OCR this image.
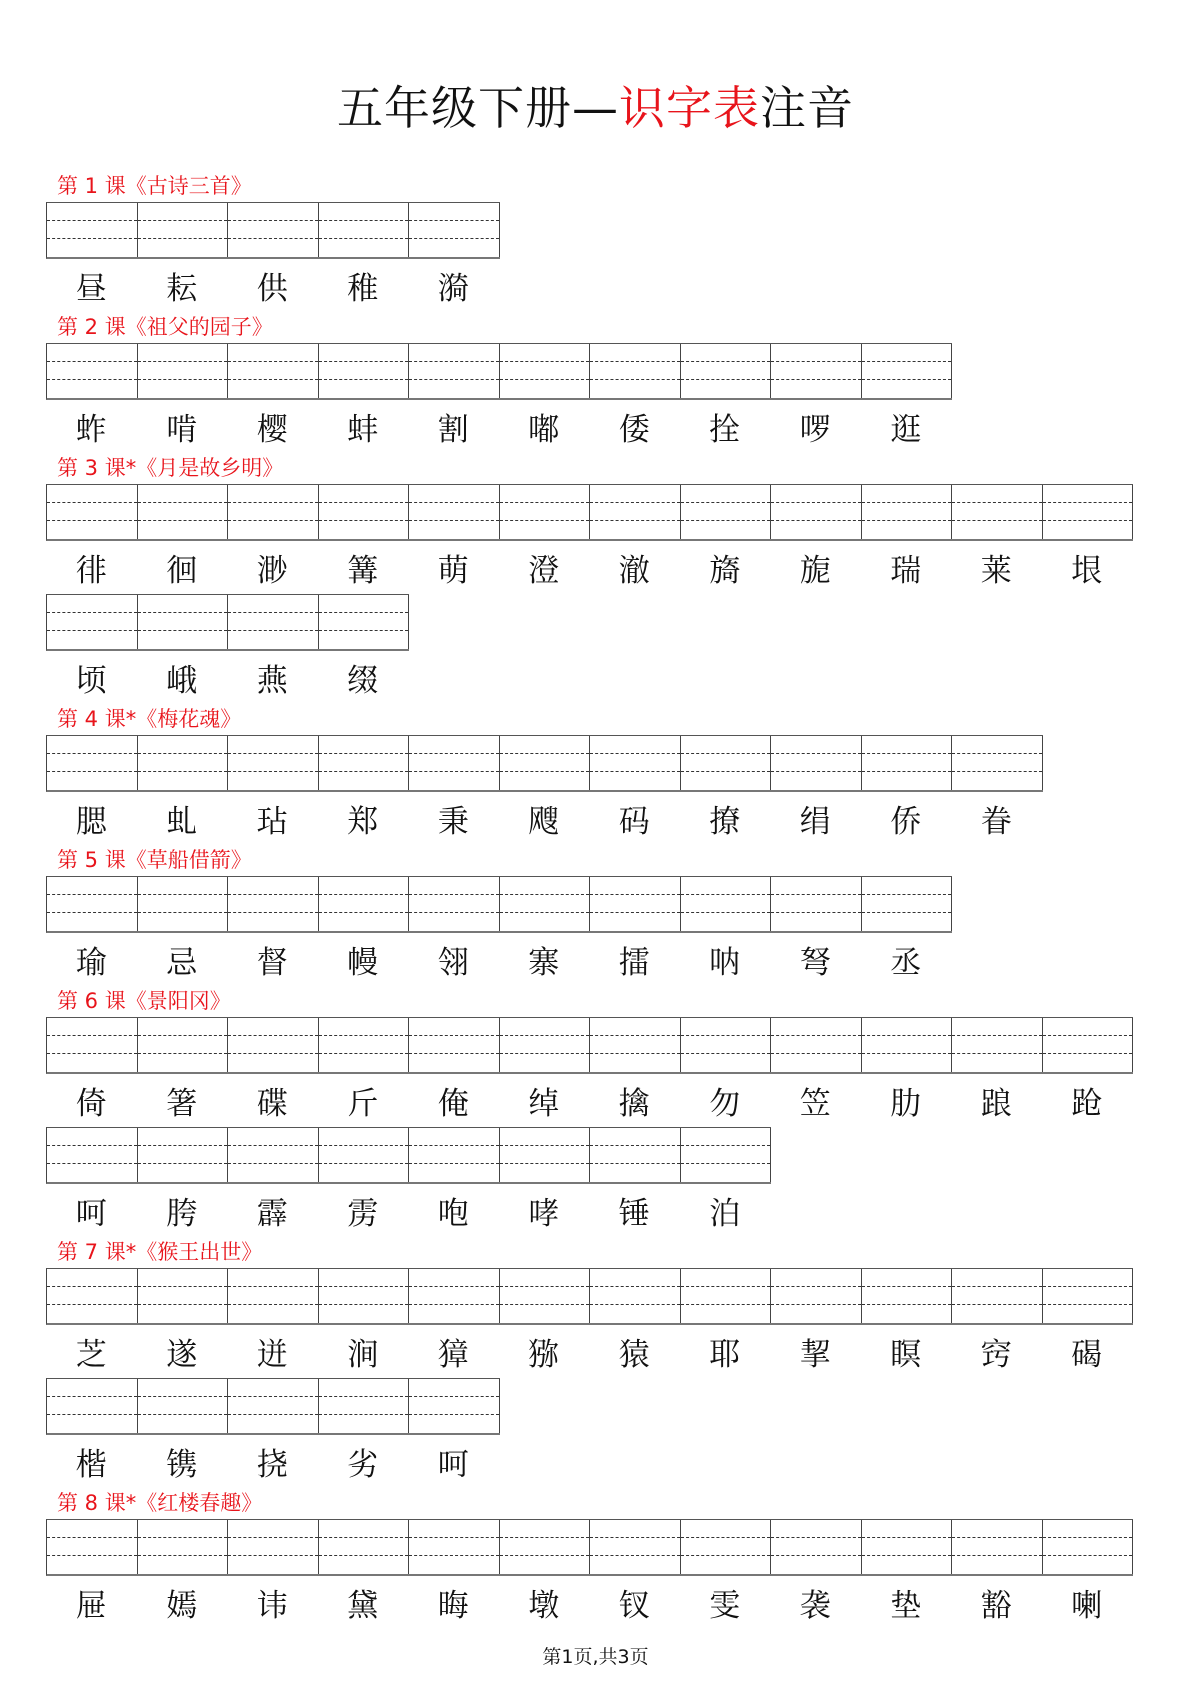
五年级下册—识字表注音
第 1 课《古诗三首》
昼	耘	供	稚	漪
第 2 课《祖父的园子》
蚱	啃	樱	蚌	割	嘟	倭	拴	啰	逛
第 3 课*《月是故乡明》
徘	徊	渺	篝	萌	澄	澈	旖	旎	瑞	莱	垠
顷	峨	燕	缀
第 4 课*《梅花魂》
腮	虬	玷	郑	秉	飕	码	撩	绢	侨	眷
第 5 课《草船借箭》
瑜	忌	督	幔	翎	寨	擂	呐	弩	丞
第 6 课《景阳冈》
倚	箸	碟	斤	俺	绰	擒	勿	笠	肋	踉	跄
呵	胯	霹	雳	咆	哮	锤	泊
第 7 课*《猴王出世》
芝	遂	迸	涧	獐	猕	猿	耶	挈	瞑	窍	碣
楷	镌	挠	劣	呵
第 8 课*《红楼春趣》
屉	嫣	讳	黛	晦	墩	钗	雯	袭	垫	豁	喇
第1页,共3页
